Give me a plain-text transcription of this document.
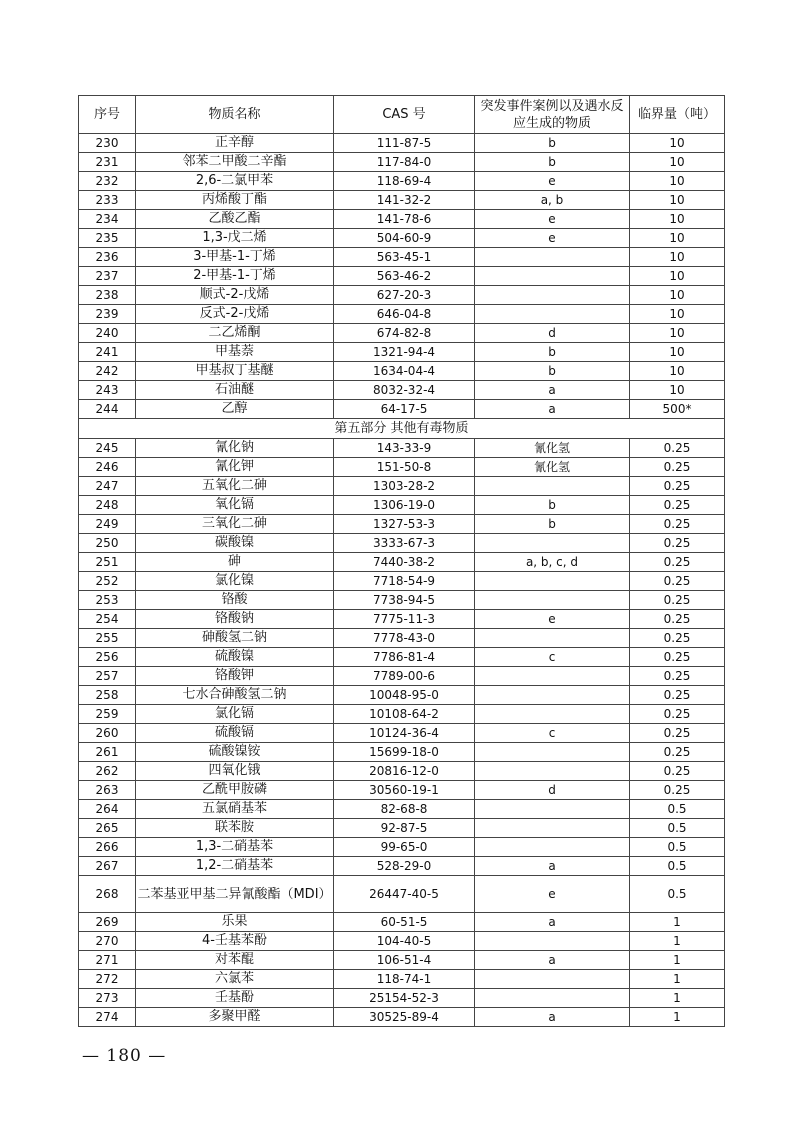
序号	物质名称	CAS 号	突发事件案例以及遇水反应生成的物质	临界量（吨）
230	正辛醇	111-87-5	b	10
231	邻苯二甲酸二辛酯	117-84-0	b	10
232	2,6-二氯甲苯	118-69-4	e	10
233	丙烯酸丁酯	141-32-2	a, b	10
234	乙酸乙酯	141-78-6	e	10
235	1,3-戊二烯	504-60-9	e	10
236	3-甲基-1-丁烯	563-45-1		10
237	2-甲基-1-丁烯	563-46-2		10
238	顺式-2-戊烯	627-20-3		10
239	反式-2-戊烯	646-04-8		10
240	二乙烯酮	674-82-8	d	10
241	甲基萘	1321-94-4	b	10
242	甲基叔丁基醚	1634-04-4	b	10
243	石油醚	8032-32-4	a	10
244	乙醇	64-17-5	a	500*
第五部分 其他有毒物质				
245	氰化钠	143-33-9	氰化氢	0.25
246	氰化钾	151-50-8	氰化氢	0.25
247	五氧化二砷	1303-28-2		0.25
248	氧化镉	1306-19-0	b	0.25
249	三氧化二砷	1327-53-3	b	0.25
250	碳酸镍	3333-67-3		0.25
251	砷	7440-38-2	a, b, c, d	0.25
252	氯化镍	7718-54-9		0.25
253	铬酸	7738-94-5		0.25
254	铬酸钠	7775-11-3	e	0.25
255	砷酸氢二钠	7778-43-0		0.25
256	硫酸镍	7786-81-4	c	0.25
257	铬酸钾	7789-00-6		0.25
258	七水合砷酸氢二钠	10048-95-0		0.25
259	氯化镉	10108-64-2		0.25
260	硫酸镉	10124-36-4	c	0.25
261	硫酸镍铵	15699-18-0		0.25
262	四氧化锇	20816-12-0		0.25
263	乙酰甲胺磷	30560-19-1	d	0.25
264	五氯硝基苯	82-68-8		0.5
265	联苯胺	92-87-5		0.5
266	1,3-二硝基苯	99-65-0		0.5
267	1,2-二硝基苯	528-29-0	a	0.5
268	二苯基亚甲基二异氰酸酯（MDI）	26447-40-5	e	0.5
269	乐果	60-51-5	a	1
270	4-壬基苯酚	104-40-5		1
271	对苯醌	106-51-4	a	1
272	六氯苯	118-74-1		1
273	壬基酚	25154-52-3		1
274	多聚甲醛	30525-89-4	a	1
— 180 —
